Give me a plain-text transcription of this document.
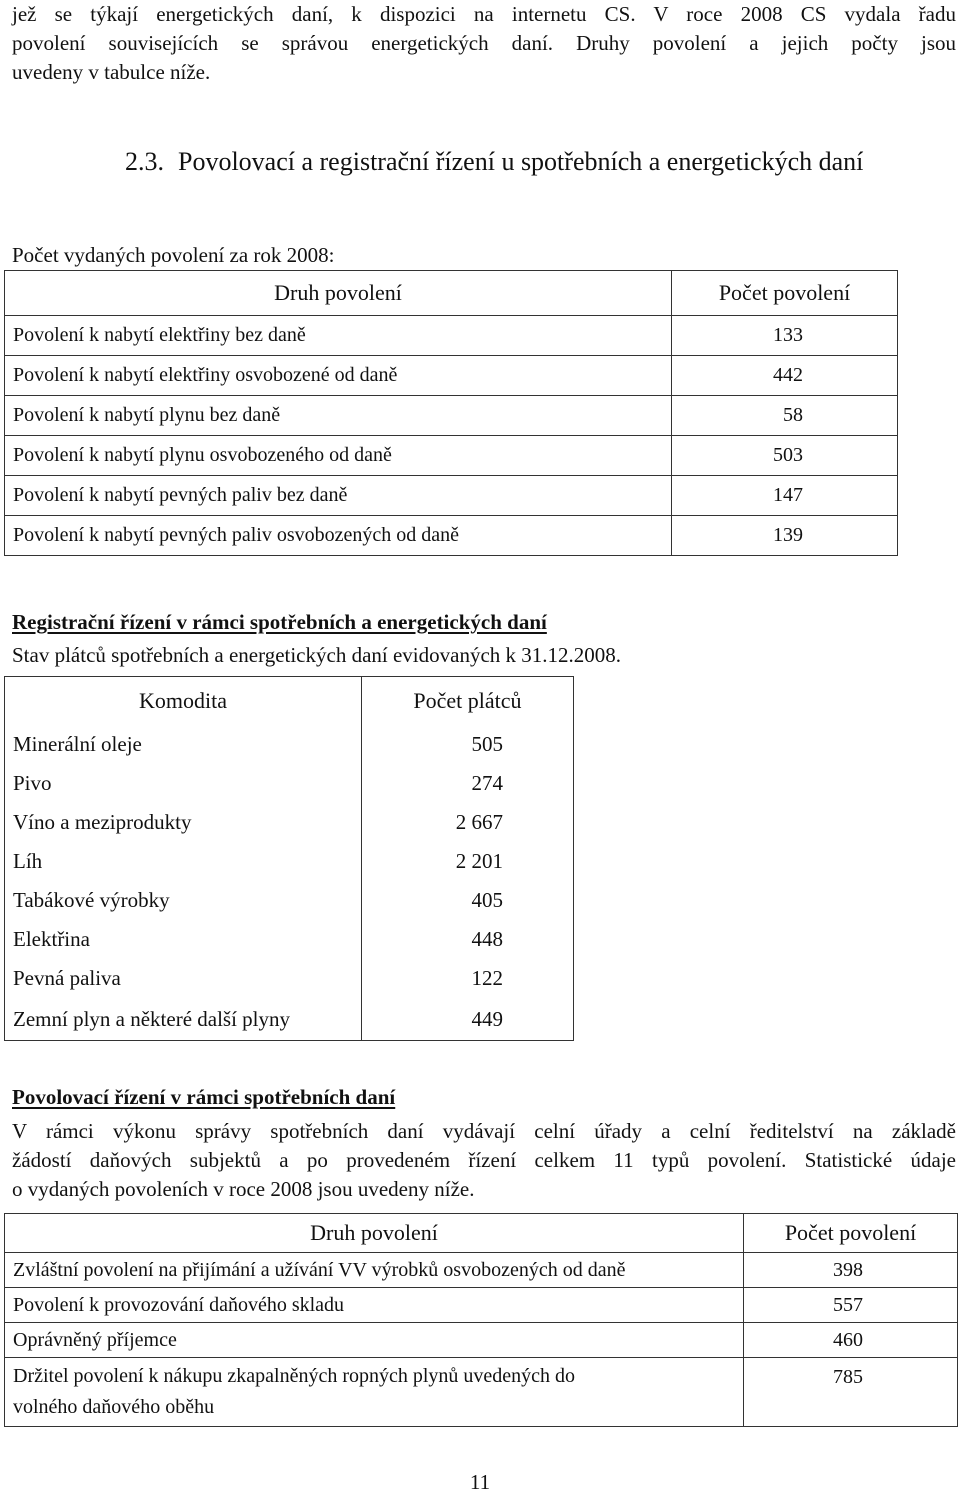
jež se týkají energetických daní, k dispozici na internetu CS. V roce 2008 CS vydala řadu
povolení souvisejících se správou energetických daní. Druhy povolení a jejich počty jsou
uvedeny v tabulce níže.
2.3. Povolovací a registrační řízení u spotřebních a energetických daní
Počet vydaných povolení za rok 2008:
Druh povolení	Počet povolení
Povolení k nabytí elektřiny bez daně	133
Povolení k nabytí elektřiny osvobozené od daně	442
Povolení k nabytí plynu bez daně	58
Povolení k nabytí plynu osvobozeného od daně	503
Povolení k nabytí pevných paliv bez daně	147
Povolení k nabytí pevných paliv osvobozených od daně	139
Registrační řízení v rámci spotřebních a energetických daní
Stav plátců spotřebních a energetických daní evidovaných k 31.12.2008.
Komodita	Počet plátců
Minerální oleje	505
Pivo	274
Víno a meziprodukty	2 667
Líh	2 201
Tabákové výrobky	405
Elektřina	448
Pevná paliva	122
Zemní plyn a některé další plyny	449
Povolovací řízení v rámci spotřebních daní
V rámci výkonu správy spotřebních daní vydávají celní úřady a celní ředitelství na základě
žádostí daňových subjektů a po provedeném řízení celkem 11 typů povolení. Statistické údaje
o vydaných povoleních v roce 2008 jsou uvedeny níže.
Druh povolení	Počet povolení
Zvláštní povolení na přijímání a užívání VV výrobků osvobozených od daně	398
Povolení k provozování daňového skladu	557
Oprávněný příjemce	460

Držitel povolení k nákupu zkapalněných ropných plynů uvedených do
volného daňového oběhu	785
11
